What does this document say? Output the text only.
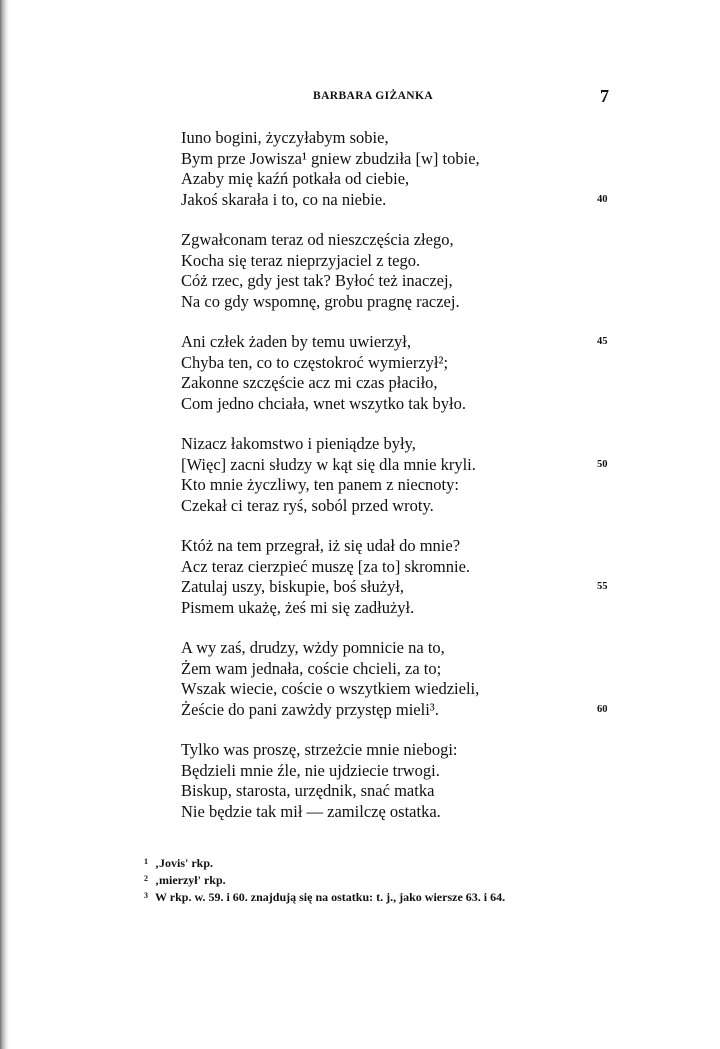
BARBARA GIŻANKA	7
Iuno bogini, życzyłabym sobie,
Bym prze Jowisza¹ gniew zbudziła [w] tobie,
Azaby mię kaźń potkała od ciebie,
Jakoś skarała i to, co na niebie.	40
Zgwałconam teraz od nieszczęścia złego,
Kocha się teraz nieprzyjaciel z tego.
Cóż rzec, gdy jest tak? Byłoć też inaczej,
Na co gdy wspomnę, grobu pragnę raczej.
Ani człek żaden by temu uwierzył,	45
Chyba ten, co to częstokroć wymierzył²;
Zakonne szczęście acz mi czas płaciło,
Com jedno chciała, wnet wszytko tak było.
Nizacz łakomstwo i pieniądze były,
[Więc] zacni słudzy w kąt się dla mnie kryli.	50
Kto mnie życzliwy, ten panem z niecnoty:
Czekał ci teraz ryś, soból przed wroty.
Któż na tem przegrał, iż się udał do mnie?
Acz teraz cierzpieć muszę [za to] skromnie.
Zatulaj uszy, biskupie, boś służył,	55
Pismem ukażę, żeś mi się zadłużył.
A wy zaś, drudzy, wżdy pomnicie na to,
Żem wam jednała, coście chcieli, za to;
Wszak wiecie, coście o wszytkiem wiedzieli,
Żeście do pani zawżdy przystęp mieli³.	60
Tylko was proszę, strzeżcie mnie niebogi:
Będzieli mnie źle, nie ujdziecie trwogi.
Biskup, starosta, urzędnik, snać matka
Nie będzie tak mił — zamilczę ostatka.
1 ‚Jovis' rkp.
2 ‚mierzył' rkp.
3 W rkp. w. 59. i 60. znajdują się na ostatku: t. j., jako wiersze 63. i 64.
